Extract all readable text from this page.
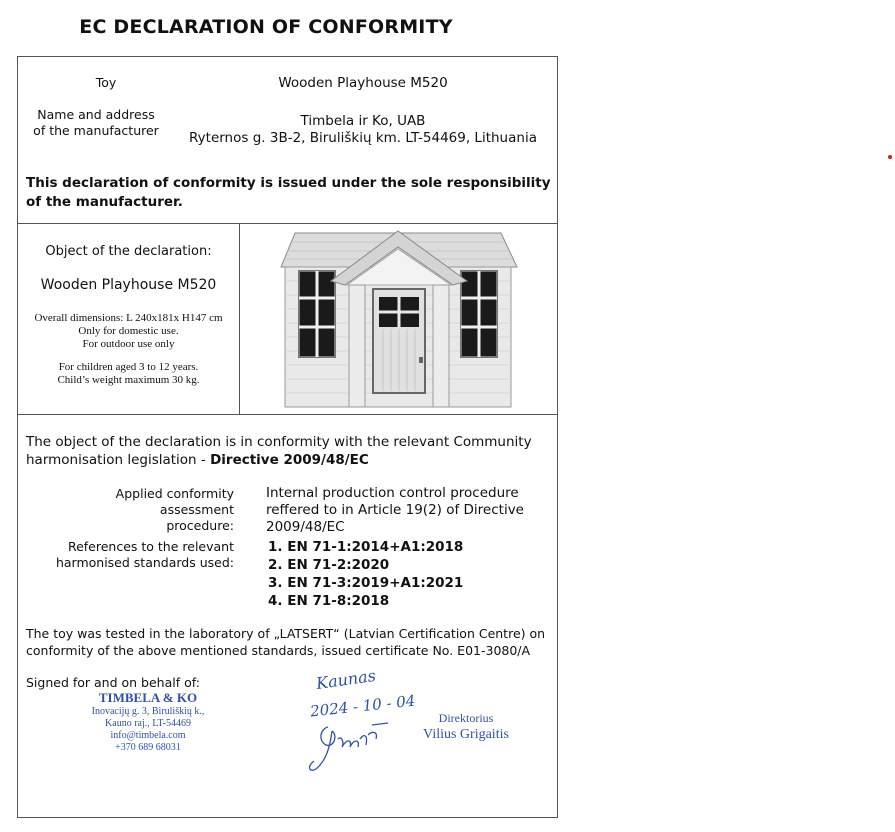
EC DECLARATION OF CONFORMITY
Toy	Wooden Playhouse M520
Name and address
of the manufacturer
Timbela ir Ko, UAB
Ryternos g. 3B-2, Biruliškių km. LT-54469, Lithuania
This declaration of conformity is issued under the sole responsibility of the manufacturer.
Object of the declaration:
Wooden Playhouse M520
Overall dimensions: L 240x181x H147 cm
Only for domestic use.
For outdoor use only
For children aged 3 to 12 years.
Child’s weight maximum 30 kg.
The object of the declaration is in conformity with the relevant Community harmonisation legislation - Directive 2009/48/EC
Applied conformity assessment
procedure:
Internal production control procedure reffered to in Article 19(2) of Directive 2009/48/EC
References to the relevant
harmonised standards used:
1. EN 71-1:2014+A1:2018
2. EN 71-2:2020
3. EN 71-3:2019+A1:2021
4. EN 71-8:2018
The toy was tested in the laboratory of „LATSERT“ (Latvian Certification Centre) on conformity of the above mentioned standards, issued certificate No. E01-3080/A
Signed for and on behalf of:
TIMBELA & KO
Inovacijų g. 3, Biruliškių k.,
Kauno raj., LT-54469
info@timbela.com
+370 689 68031
Kaunas
2024 - 10 - 04	Direktorius
Vilius Grigaitis
